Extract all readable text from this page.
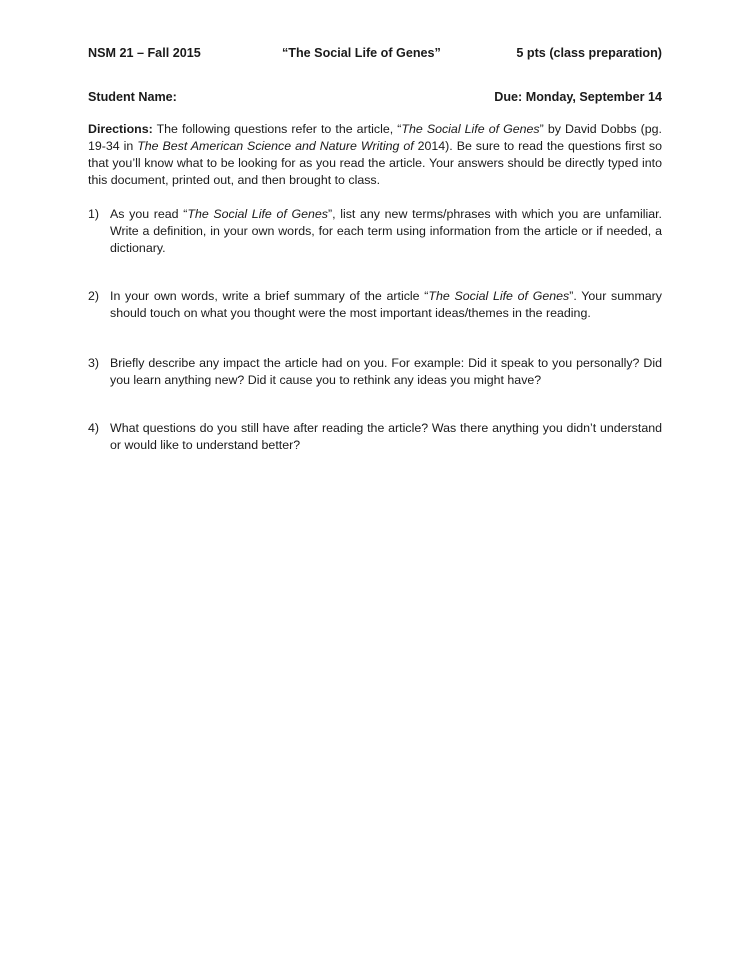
NSM 21 – Fall 2015	“The Social Life of Genes”	5 pts (class preparation)
Student Name:	Due: Monday, September 14

Directions: The following questions refer to the article, “The Social Life of Genes” by David Dobbs (pg. 19-34 in The Best American Science and Nature Writing of 2014). Be sure to read the questions first so that you’ll know what to be looking for as you read the article. Your answers should be directly typed into this document, printed out, and then brought to class.

1) As you read “The Social Life of Genes”, list any new terms/phrases with which you are unfamiliar. Write a definition, in your own words, for each term using information from the article or if needed, a dictionary.
2) In your own words, write a brief summary of the article “The Social Life of Genes”. Your summary should touch on what you thought were the most important ideas/themes in the reading.
3) Briefly describe any impact the article had on you. For example: Did it speak to you personally? Did you learn anything new? Did it cause you to rethink any ideas you might have?
4) What questions do you still have after reading the article? Was there anything you didn’t understand or would like to understand better?
